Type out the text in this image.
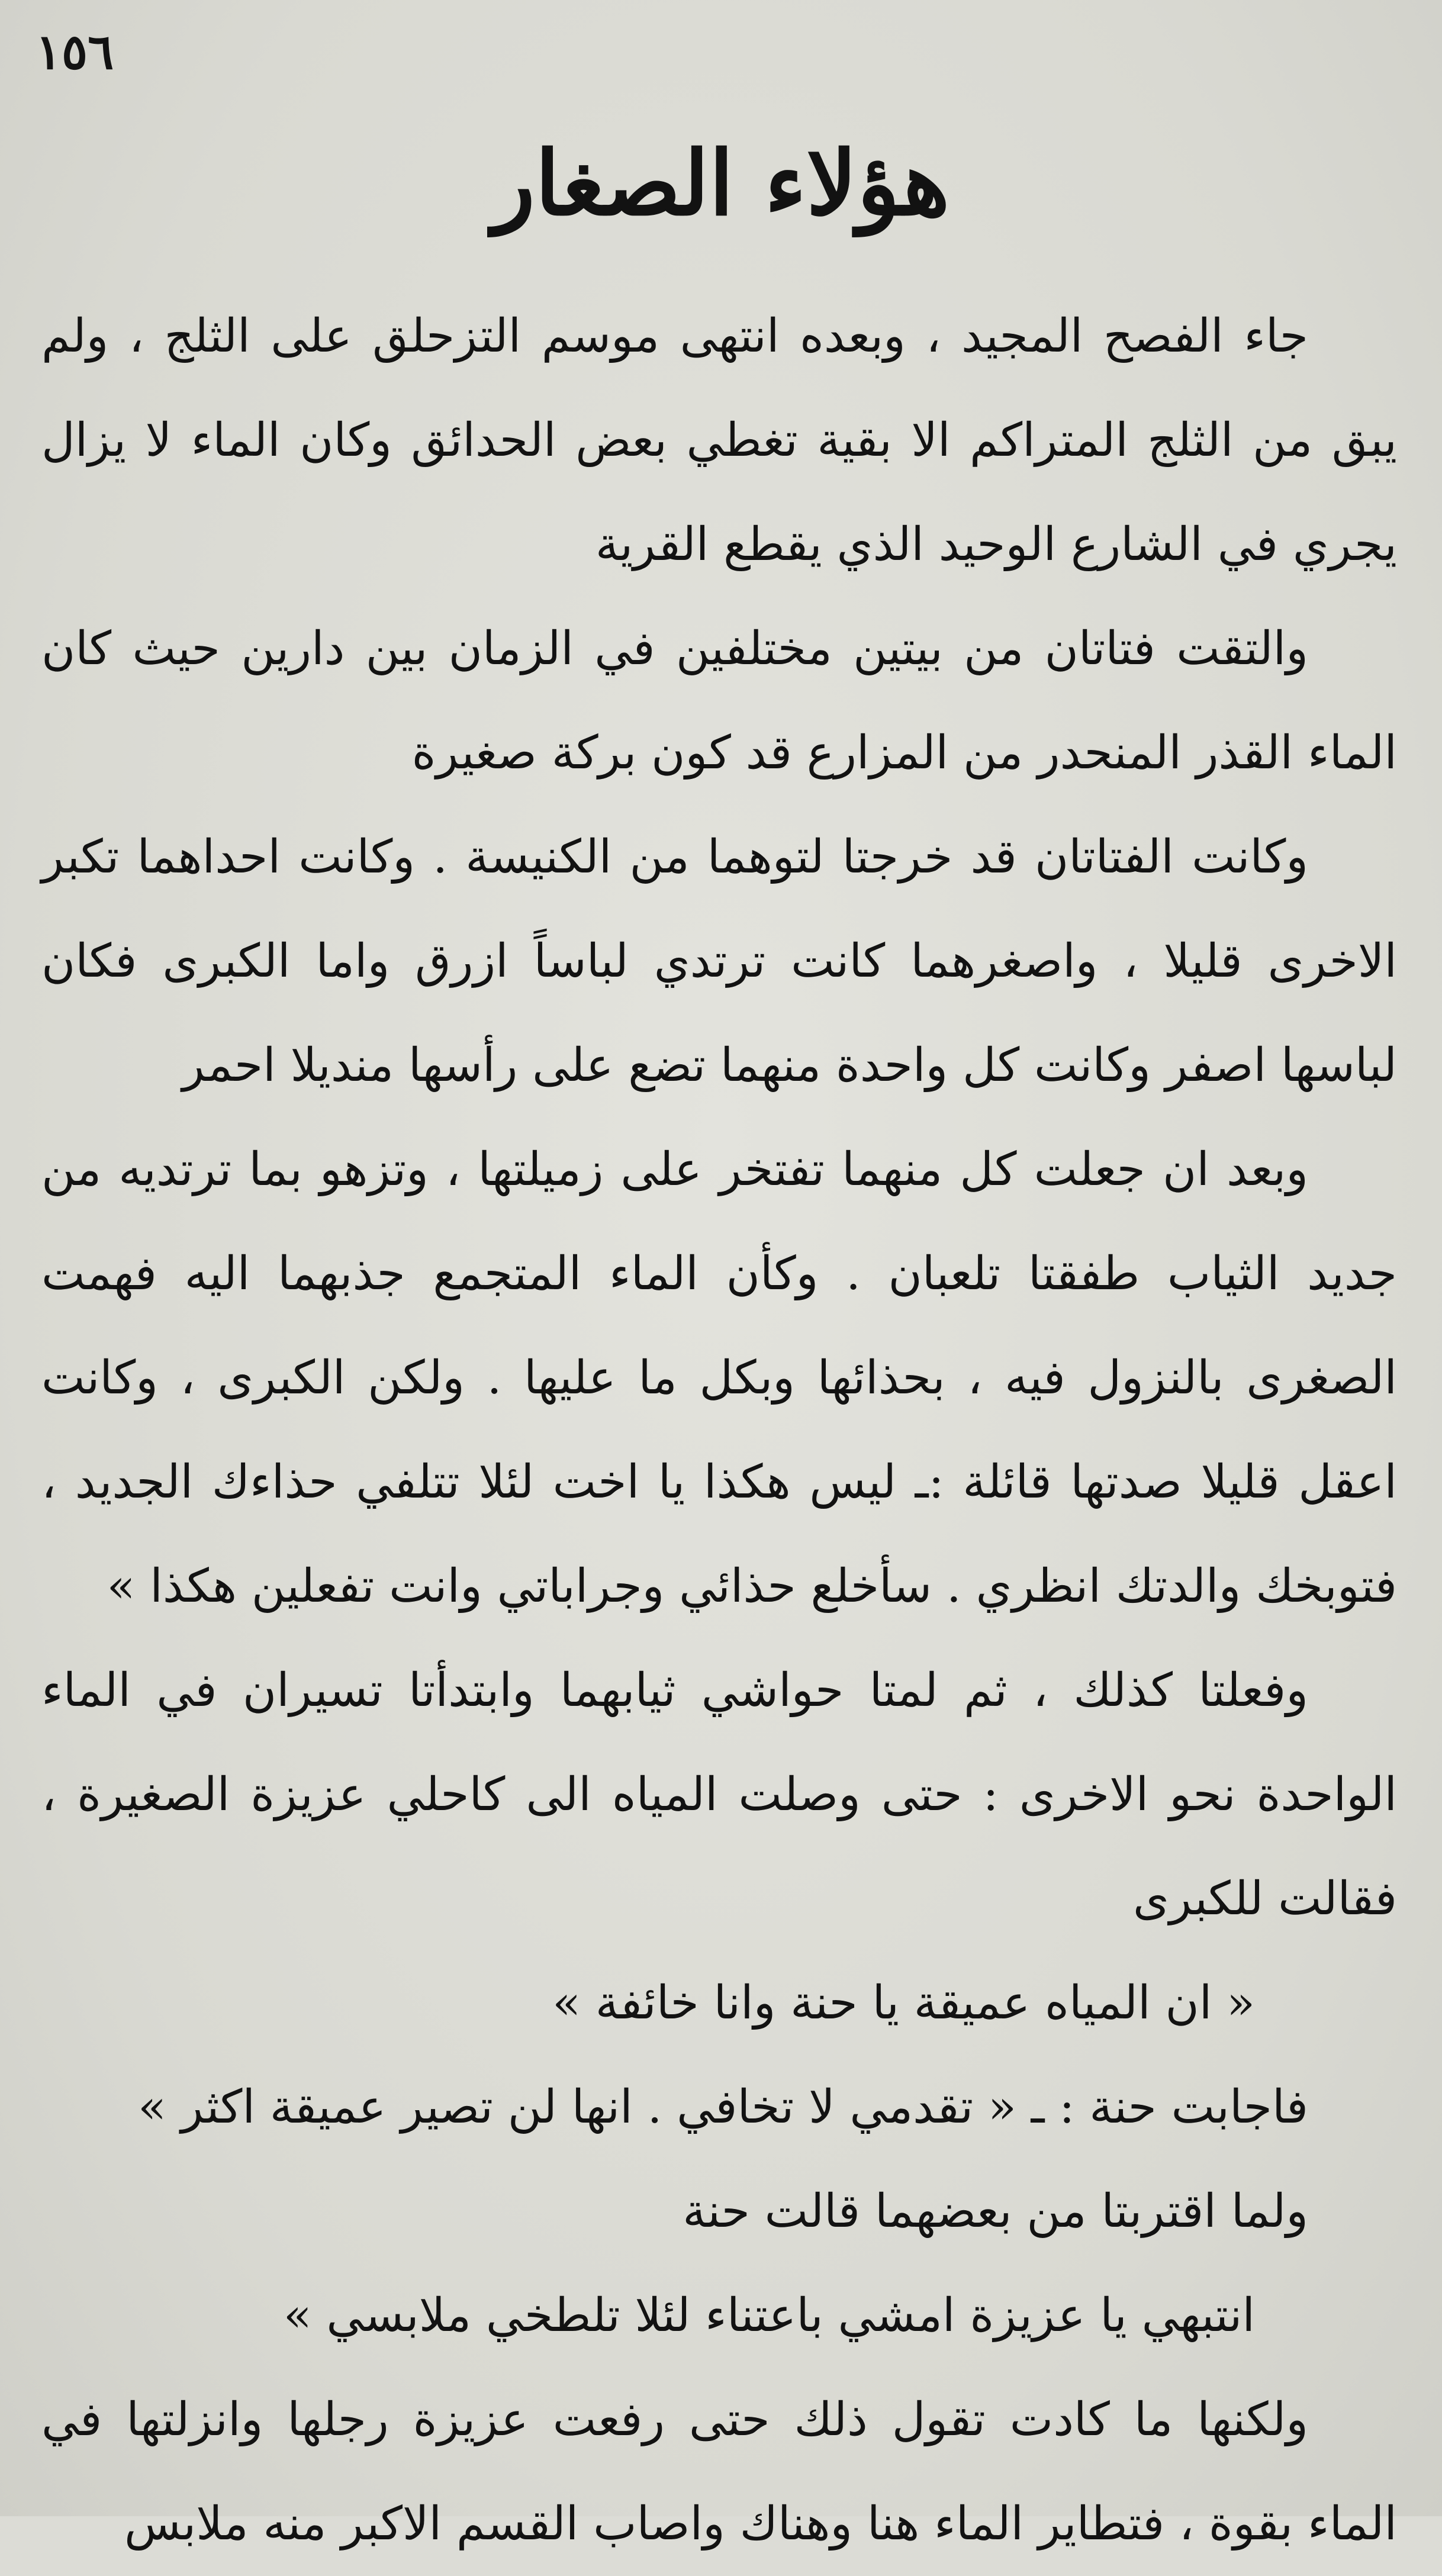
١٥٦
هؤلاء الصغار

جاء الفصح المجيد ، وبعده انتهى موسم التزحلق على الثلج ، ولم يبق من الثلج المتراكم الا بقية تغطي بعض الحدائق وكان الماء لا يزال يجري في الشارع الوحيد الذي يقطع القرية

والتقت فتاتان من بيتين مختلفين في الزمان بين دارين حيث كان الماء القذر المنحدر من المزارع قد كون بركة صغيرة

وكانت الفتاتان قد خرجتا لتوهما من الكنيسة . وكانت احداهما تكبر الاخرى قليلا ، واصغرهما كانت ترتدي لباساً ازرق واما الكبرى فكان لباسها اصفر وكانت كل واحدة منهما تضع على رأسها منديلا احمر

وبعد ان جعلت كل منهما تفتخر على زميلتها ، وتزهو بما ترتديه من جديد الثياب طفقتا تلعبان . وكأن الماء المتجمع جذبهما اليه فهمت الصغرى بالنزول فيه ، بحذائها وبكل ما عليها . ولكن الكبرى ، وكانت اعقل قليلا صدتها قائلة :ـ ليس هكذا يا اخت لئلا تتلفي حذاءك الجديد ، فتوبخك والدتك انظري . سأخلع حذائي وجراباتي وانت تفعلين هكذا »

وفعلتا كذلك ، ثم لمتا حواشي ثيابهما وابتدأتا تسيران في الماء الواحدة نحو الاخرى : حتى وصلت المياه الى كاحلي عزيزة الصغيرة ، فقالت للكبرى

« ان المياه عميقة يا حنة وانا خائفة »

فاجابت حنة : ـ « تقدمي لا تخافي . انها لن تصير عميقة اكثر »

ولما اقتربتا من بعضهما قالت حنة

انتبهي يا عزيزة امشي باعتناء لئلا تلطخي ملابسي »

ولكنها ما كادت تقول ذلك حتى رفعت عزيزة رجلها وانزلتها في الماء بقوة ، فتطاير الماء هنا وهناك واصاب القسم الاكبر منه ملابس
